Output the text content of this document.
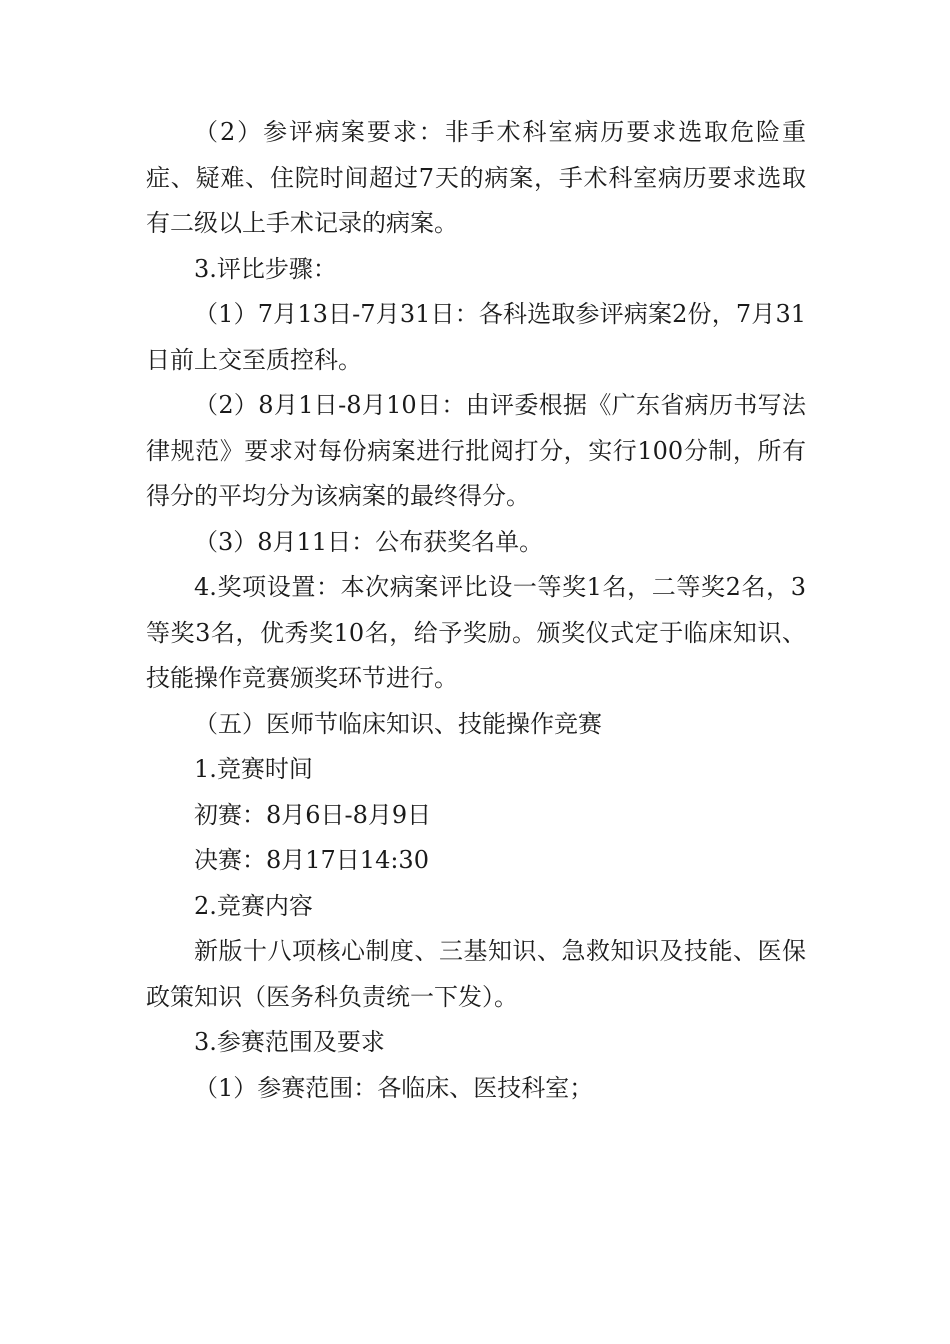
（2）参评病案要求：非手术科室病历要求选取危险重症、疑难、住院时间超过7天的病案，手术科室病历要求选取有二级以上手术记录的病案。

3.评比步骤：

（1）7月13日-7月31日：各科选取参评病案2份，7月31日前上交至质控科。

（2）8月1日-8月10日：由评委根据《广东省病历书写法律规范》要求对每份病案进行批阅打分，实行100分制，所有得分的平均分为该病案的最终得分。

（3）8月11日：公布获奖名单。

4.奖项设置：本次病案评比设一等奖1名，二等奖2名，3等奖3名，优秀奖10名，给予奖励。颁奖仪式定于临床知识、技能操作竞赛颁奖环节进行。

（五）医师节临床知识、技能操作竞赛

1.竞赛时间

初赛：8月6日-8月9日

决赛：8月17日14:30

2.竞赛内容

新版十八项核心制度、三基知识、急救知识及技能、医保政策知识（医务科负责统一下发）。

3.参赛范围及要求

（1）参赛范围：各临床、医技科室；
